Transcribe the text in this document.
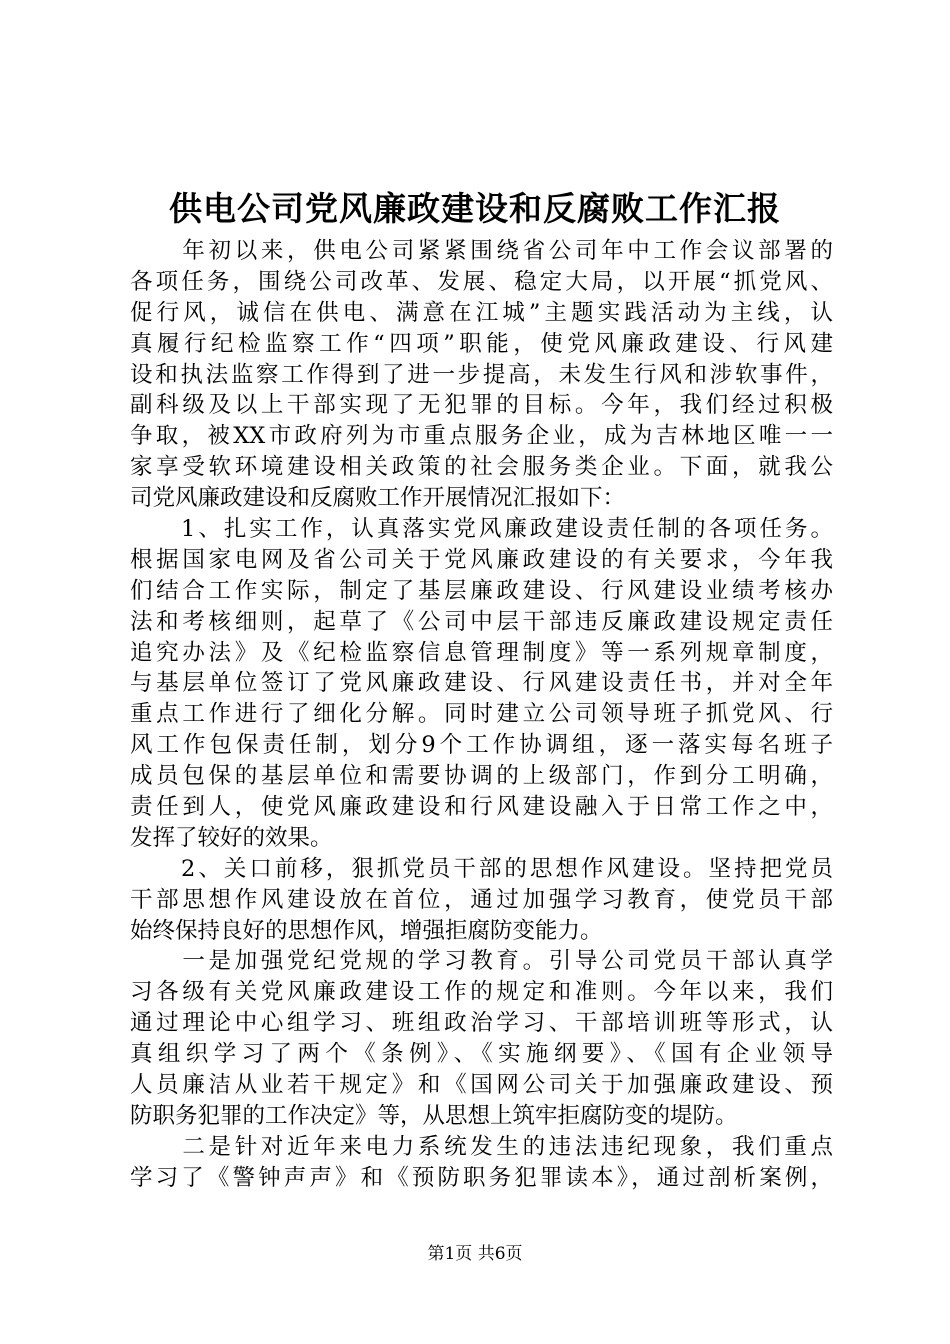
供电公司党风廉政建设和反腐败工作汇报
　　年初以来，供电公司紧紧围绕省公司年中工作会议部署的
各项任务，围绕公司改革、发展、稳定大局，以开展“抓党风、
促行风，诚信在供电、满意在江城”主题实践活动为主线，认
真履行纪检监察工作“四项”职能，使党风廉政建设、行风建
设和执法监察工作得到了进一步提高，未发生行风和涉软事件，
副科级及以上干部实现了无犯罪的目标。今年，我们经过积极
争取，被XX市政府列为市重点服务企业，成为吉林地区唯一一
家享受软环境建设相关政策的社会服务类企业。下面，就我公
司党风廉政建设和反腐败工作开展情况汇报如下：
　　1、扎实工作，认真落实党风廉政建设责任制的各项任务。
根据国家电网及省公司关于党风廉政建设的有关要求，今年我
们结合工作实际，制定了基层廉政建设、行风建设业绩考核办
法和考核细则，起草了《公司中层干部违反廉政建设规定责任
追究办法》及《纪检监察信息管理制度》等一系列规章制度，
与基层单位签订了党风廉政建设、行风建设责任书，并对全年
重点工作进行了细化分解。同时建立公司领导班子抓党风、行
风工作包保责任制，划分9个工作协调组，逐一落实每名班子
成员包保的基层单位和需要协调的上级部门，作到分工明确，
责任到人，使党风廉政建设和行风建设融入于日常工作之中，
发挥了较好的效果。
　　2、关口前移，狠抓党员干部的思想作风建设。坚持把党员
干部思想作风建设放在首位，通过加强学习教育，使党员干部
始终保持良好的思想作风，增强拒腐防变能力。
　　一是加强党纪党规的学习教育。引导公司党员干部认真学
习各级有关党风廉政建设工作的规定和准则。今年以来，我们
通过理论中心组学习、班组政治学习、干部培训班等形式，认
真组织学习了两个《条例》、《实施纲要》、《国有企业领导
人员廉洁从业若干规定》和《国网公司关于加强廉政建设、预
防职务犯罪的工作决定》等，从思想上筑牢拒腐防变的堤防。
　　二是针对近年来电力系统发生的违法违纪现象，我们重点
学习了《警钟声声》和《预防职务犯罪读本》，通过剖析案例，
第1页 共6页
